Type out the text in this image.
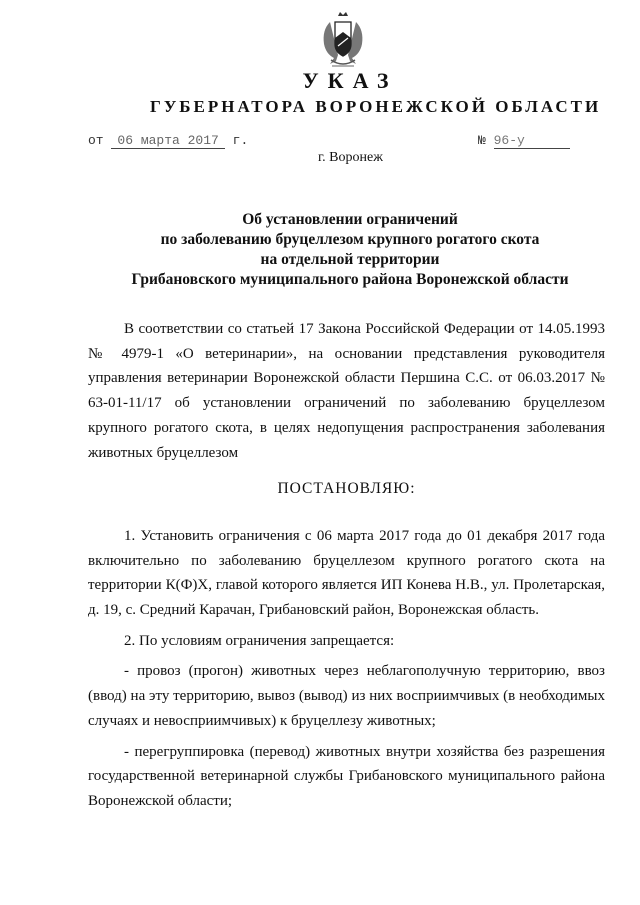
УКАЗ
ГУБЕРНАТОРА ВОРОНЕЖСКОЙ ОБЛАСТИ
от 06 марта 2017 г.	№ 96-у
г. Воронеж
Об установлении ограничений
по заболеванию бруцеллезом крупного рогатого скота
на отдельной территории
Грибановского муниципального района Воронежской области

В соответствии со статьей 17 Закона Российской Федерации от 14.05.1993 № 4979-1 «О ветеринарии», на основании представления руководителя управления ветеринарии Воронежской области Першина С.С. от 06.03.2017 № 63-01-11/17 об установлении ограничений по заболеванию бруцеллезом крупного рогатого скота, в целях недопущения распространения заболевания животных бруцеллезом

ПОСТАНОВЛЯЮ:

1. Установить ограничения с 06 марта 2017 года до 01 декабря 2017 года включительно по заболеванию бруцеллезом крупного рогатого скота на территории К(Ф)Х, главой которого является ИП Конева Н.В., ул. Пролетарская, д. 19, с. Средний Карачан, Грибановский район, Воронежская область.

2. По условиям ограничения запрещается:

- провоз (прогон) животных через неблагополучную территорию, ввоз (ввод) на эту территорию, вывоз (вывод) из них восприимчивых (в необходимых случаях и невосприимчивых) к бруцеллезу животных;

- перегруппировка (перевод) животных внутри хозяйства без разрешения государственной ветеринарной службы Грибановского муниципального района Воронежской области;
